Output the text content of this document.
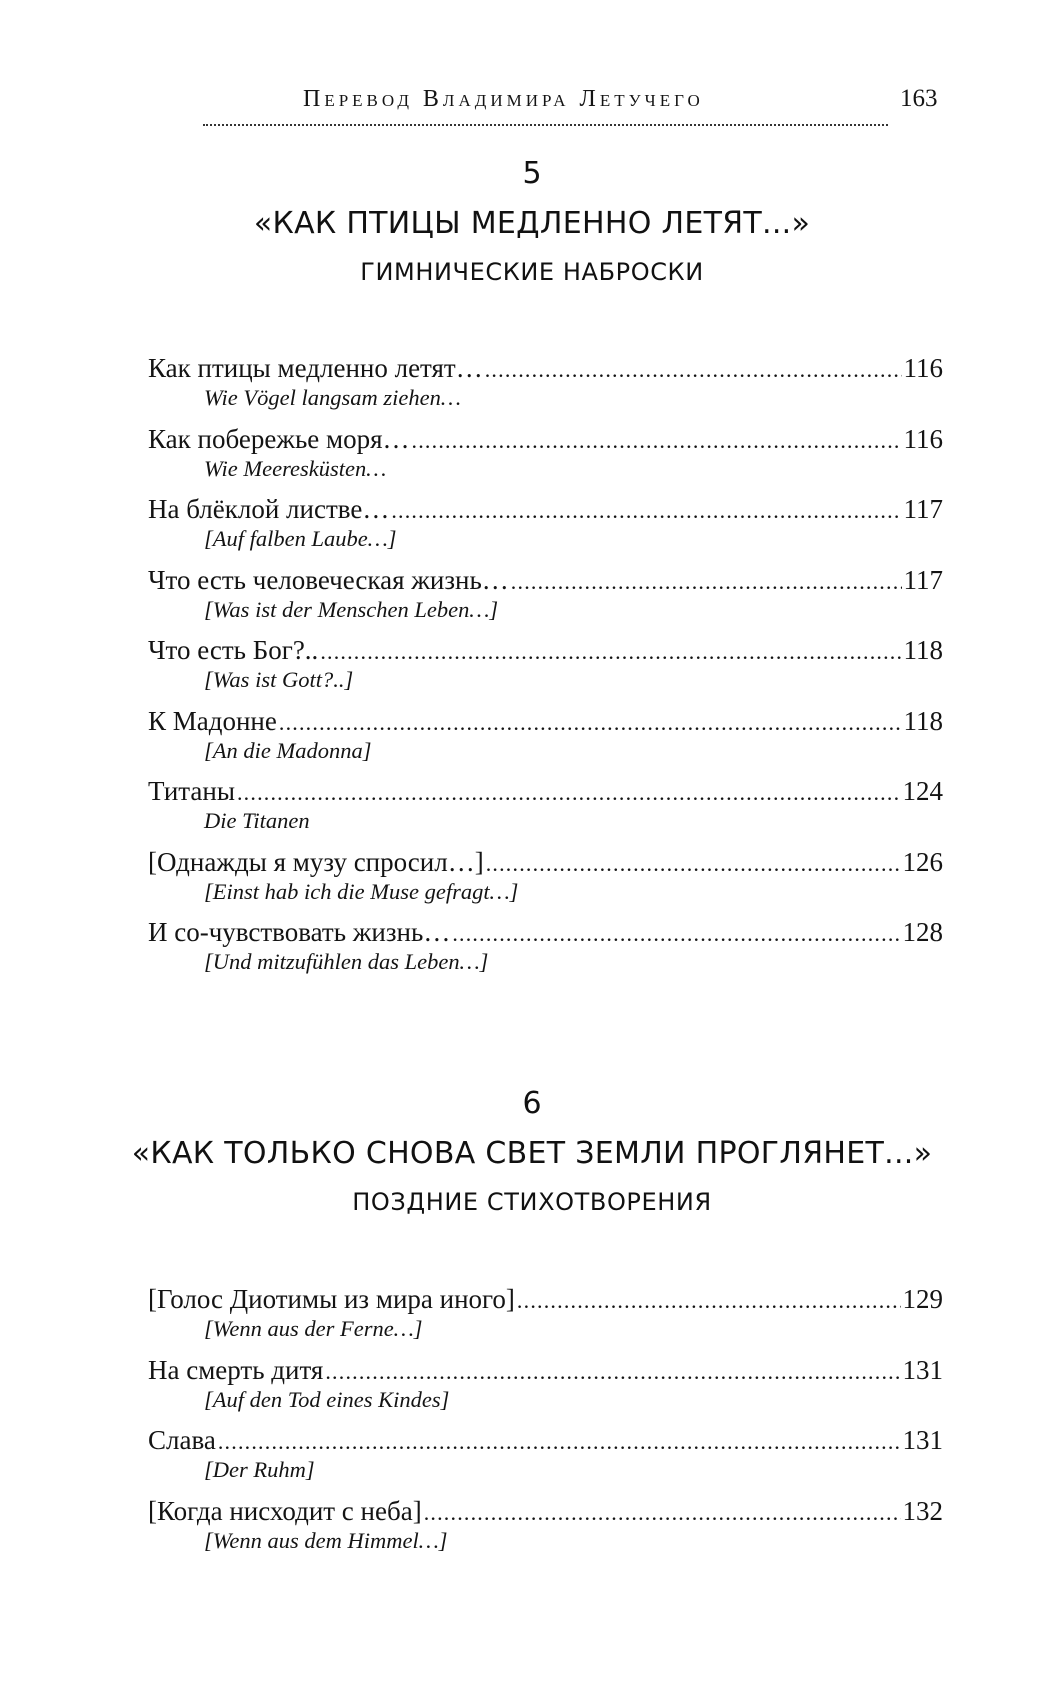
Перевод Владимира Летучего	163
5
«КАК ПТИЦЫ МЕДЛЕННО ЛЕТЯТ...»
ГИМНИЧЕСКИЕ НАБРОСКИ
Как птицы медленно летят… .....	116
Wie Vögel langsam ziehen…
Как побережье моря… .....	116
Wie Meeresküsten…
На блёклой листве… .....	117
[Auf falben Laube…]
Что есть человеческая жизнь… .....	117
[Was ist der Menschen Leben…]
Что есть Бог?.. .....	118
[Was ist Gott?..]
К Мадонне .....	118
[An die Madonna]
Титаны .....	124
Die Titanen
[Однажды я музу спросил…] .....	126
[Einst hab ich die Muse gefragt…]
И со-чувствовать жизнь… .....	128
[Und mitzufühlen das Leben…]
6
«КАК ТОЛЬКО СНОВА СВЕТ ЗЕМЛИ ПРОГЛЯНЕТ...»
ПОЗДНИЕ СТИХОТВОРЕНИЯ
[Голос Диотимы из мира иного] .....	129
[Wenn aus der Ferne…]
На смерть дитя .....	131
[Auf den Tod eines Kindes]
Слава .....	131
[Der Ruhm]
[Когда нисходит с неба] .....	132
[Wenn aus dem Himmel…]
